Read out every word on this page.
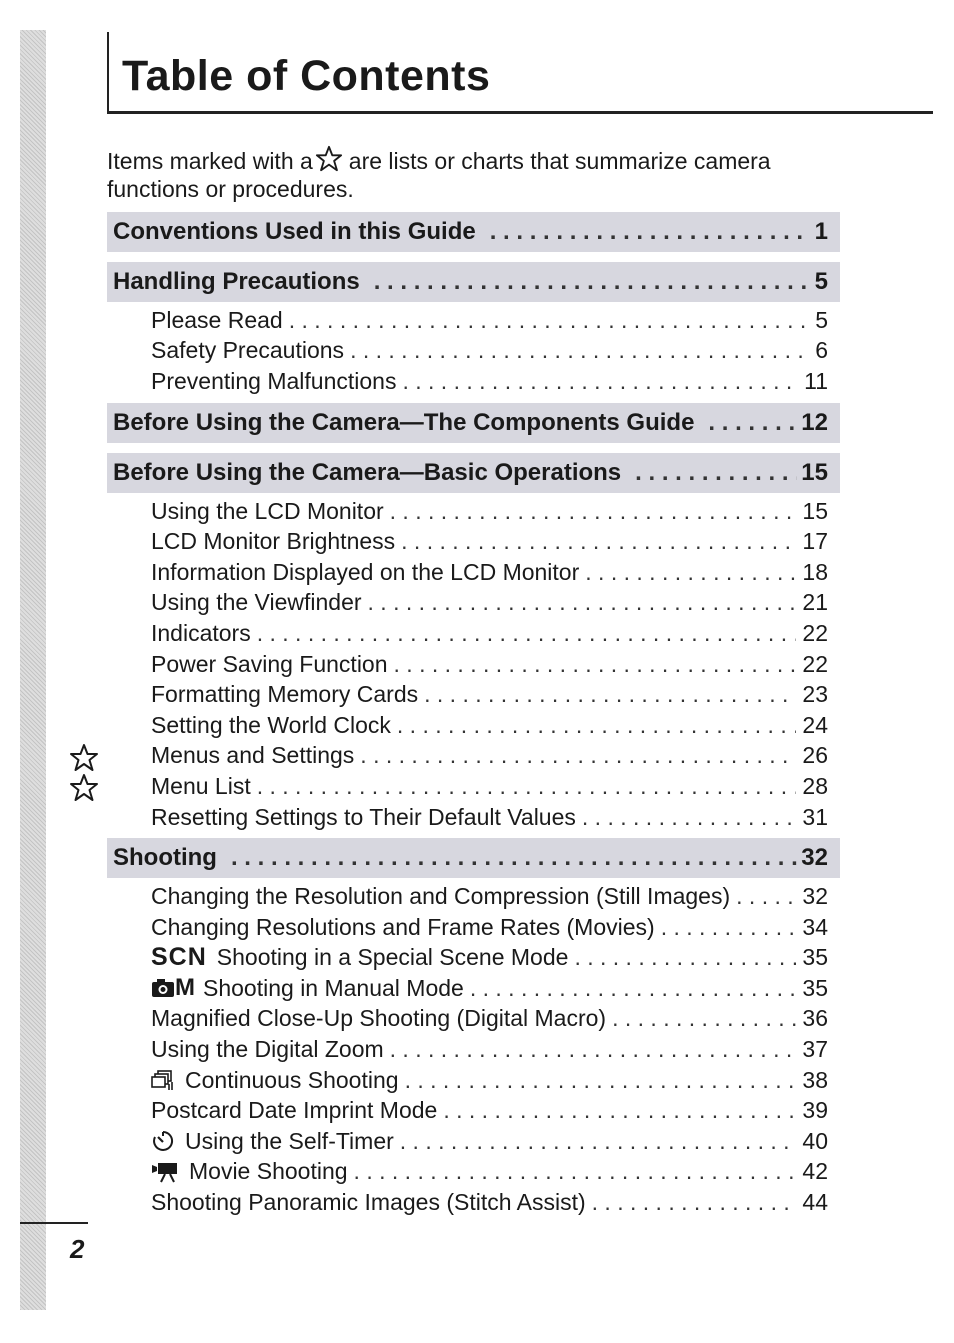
2
Table of Contents

Items marked with a are lists or charts that summarize camera functions or procedures.

Conventions Used in this Guide . . .	1
Handling Precautions . . .	5
Please Read . . .	5
Safety Precautions . . .	6
Preventing Malfunctions . . .	11
Before Using the Camera—The Components Guide . . .	12
Before Using the Camera—Basic Operations . . .	15
Using the LCD Monitor . . .	15
LCD Monitor Brightness . . .	17
Information Displayed on the LCD Monitor . . .	18
Using the Viewfinder . . .	21
Indicators . . .	22
Power Saving Function . . .	22
Formatting Memory Cards . . .	23
Setting the World Clock . . .	24
Menus and Settings . . .	26
Menu List . . .	28
Resetting Settings to Their Default Values . . .	31
Shooting . . .	32
Changing the Resolution and Compression (Still Images) . . .	32
Changing Resolutions and Frame Rates (Movies) . . .	34
SCN Shooting in a Special Scene Mode . . .	35
M Shooting in Manual Mode . . .	35
Magnified Close-Up Shooting (Digital Macro) . . .	36
Using the Digital Zoom . . .	37
Continuous Shooting . . .	38
Postcard Date Imprint Mode . . .	39
Using the Self-Timer . . .	40
Movie Shooting . . .	42
Shooting Panoramic Images (Stitch Assist) . . .	44
